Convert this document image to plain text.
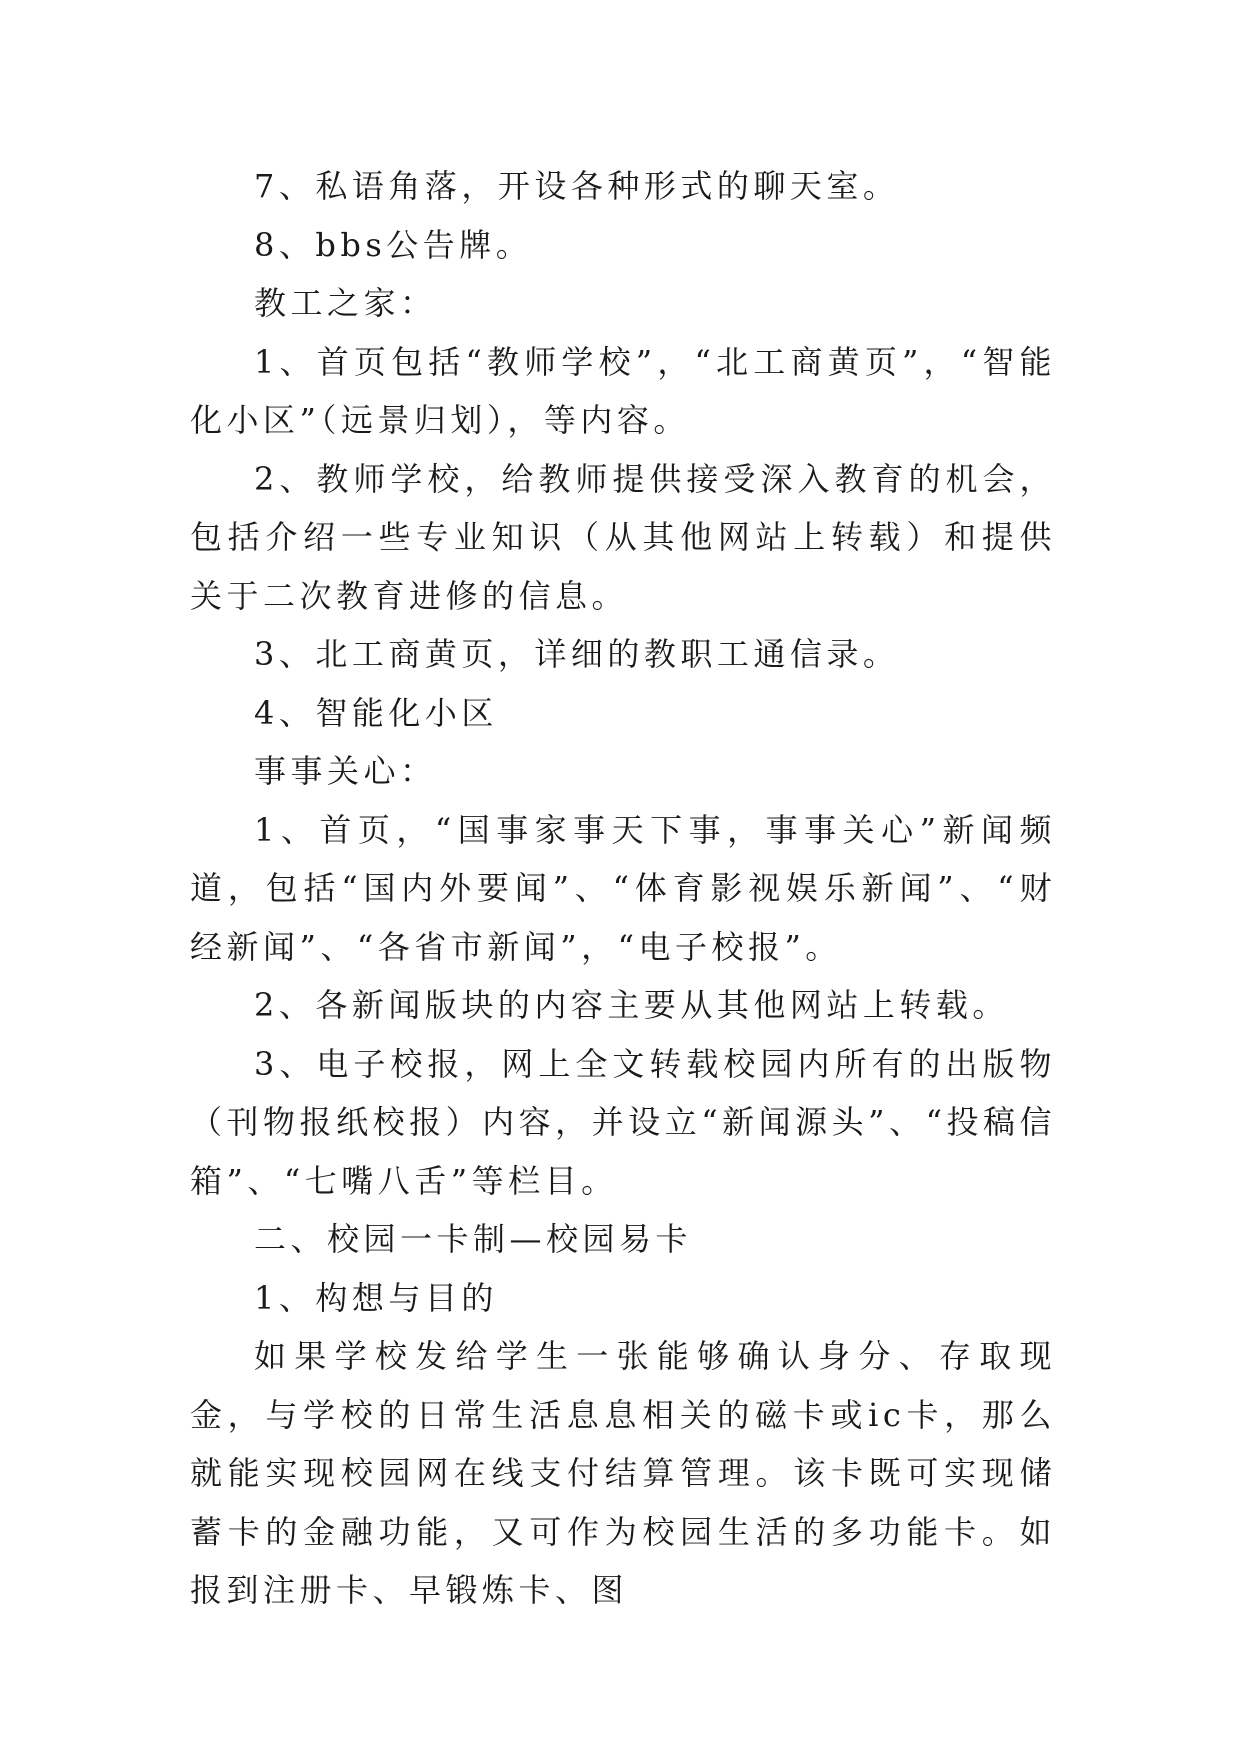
7、私语角落，开设各种形式的聊天室。

8、bbs公告牌。

教工之家：

1、首页包括“教师学校”，“北工商黄页”，“智能化小区”（远景归划），等内容。

2、教师学校，给教师提供接受深入教育的机会，包括介绍一些专业知识（从其他网站上转载）和提供关于二次教育进修的信息。

3、北工商黄页，详细的教职工通信录。

4、智能化小区

事事关心：

1、首页，“国事家事天下事，事事关心”新闻频道，包括“国内外要闻”、“体育影视娱乐新闻”、“财经新闻”、“各省市新闻”，“电子校报”。

2、各新闻版块的内容主要从其他网站上转载。

3、电子校报，网上全文转载校园内所有的出版物（刊物报纸校报）内容，并设立“新闻源头”、“投稿信箱”、“七嘴八舌”等栏目。

二、校园一卡制—校园易卡

1、构想与目的

如果学校发给学生一张能够确认身分、存取现金，与学校的日常生活息息相关的磁卡或ic卡，那么就能实现校园网在线支付结算管理。该卡既可实现储蓄卡的金融功能，又可作为校园生活的多功能卡。如报到注册卡、早锻炼卡、图
